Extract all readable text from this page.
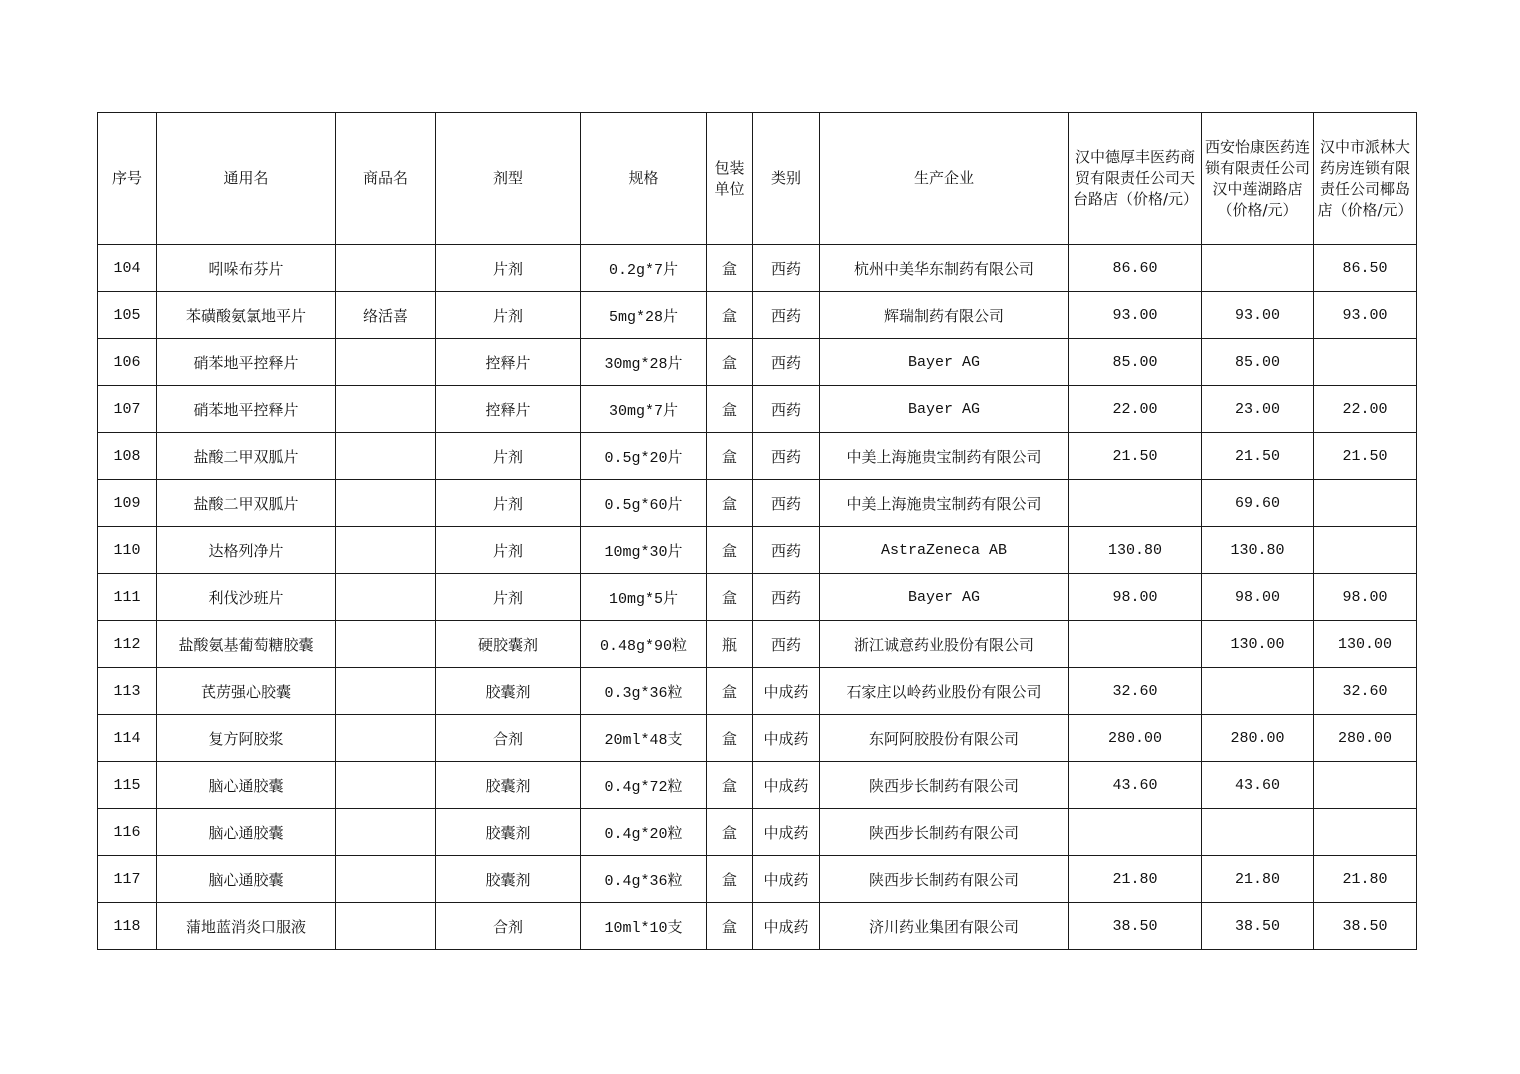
序号	通用名	商品名	剂型	规格	包装单位	类别	生产企业	汉中德厚丰医药商贸有限责任公司天台路店（价格/元）	西安怡康医药连锁有限责任公司汉中莲湖路店（价格/元）	汉中市派林大药房连锁有限责任公司椰岛店（价格/元）

104	吲哚布芬片		片剂	0.2g*7片	盒	西药	杭州中美华东制药有限公司	86.60		86.50
105	苯磺酸氨氯地平片	络活喜	片剂	5mg*28片	盒	西药	辉瑞制药有限公司	93.00	93.00	93.00
106	硝苯地平控释片		控释片	30mg*28片	盒	西药	Bayer AG	85.00	85.00	
107	硝苯地平控释片		控释片	30mg*7片	盒	西药	Bayer AG	22.00	23.00	22.00
108	盐酸二甲双胍片		片剂	0.5g*20片	盒	西药	中美上海施贵宝制药有限公司	21.50	21.50	21.50
109	盐酸二甲双胍片		片剂	0.5g*60片	盒	西药	中美上海施贵宝制药有限公司		69.60	
110	达格列净片		片剂	10mg*30片	盒	西药	AstraZeneca AB	130.80	130.80	
111	利伐沙班片		片剂	10mg*5片	盒	西药	Bayer AG	98.00	98.00	98.00
112	盐酸氨基葡萄糖胶囊		硬胶囊剂	0.48g*90粒	瓶	西药	浙江诚意药业股份有限公司		130.00	130.00
113	芪苈强心胶囊		胶囊剂	0.3g*36粒	盒	中成药	石家庄以岭药业股份有限公司	32.60		32.60
114	复方阿胶浆		合剂	20ml*48支	盒	中成药	东阿阿胶股份有限公司	280.00	280.00	280.00
115	脑心通胶囊		胶囊剂	0.4g*72粒	盒	中成药	陕西步长制药有限公司	43.60	43.60	
116	脑心通胶囊		胶囊剂	0.4g*20粒	盒	中成药	陕西步长制药有限公司			
117	脑心通胶囊		胶囊剂	0.4g*36粒	盒	中成药	陕西步长制药有限公司	21.80	21.80	21.80
118	蒲地蓝消炎口服液		合剂	10ml*10支	盒	中成药	济川药业集团有限公司	38.50	38.50	38.50
